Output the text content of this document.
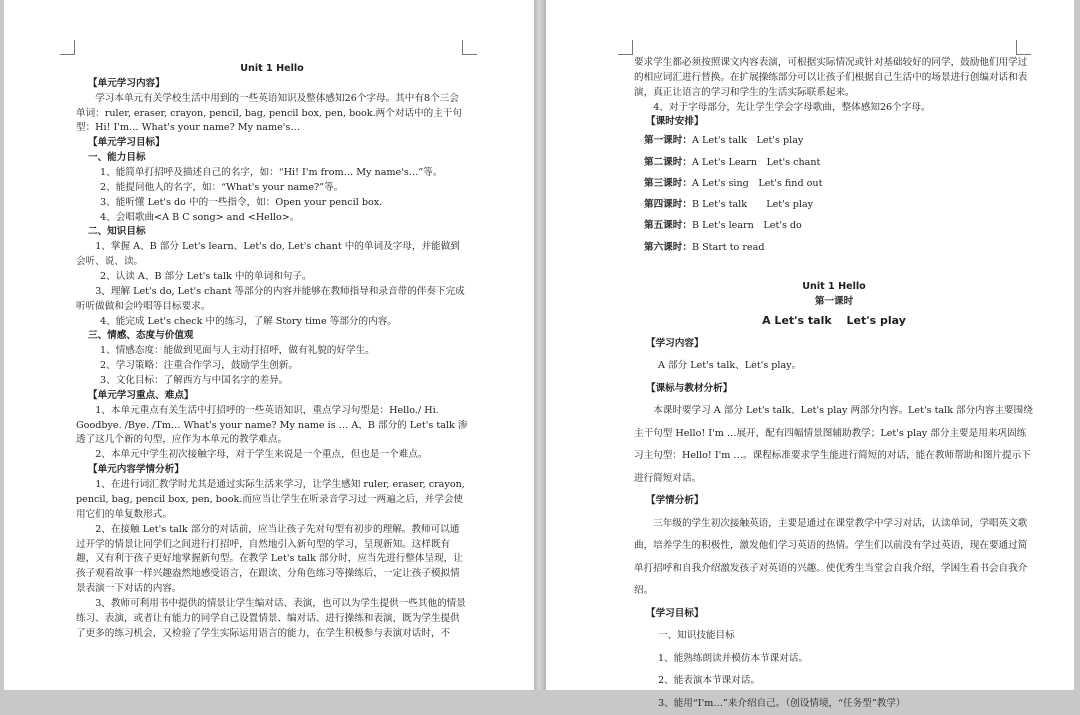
Unit 1 Hello

【单元学习内容】

学习本单元有关学校生活中用到的一些英语知识及整体感知26个字母。其中有8个三会单词：ruler, eraser, crayon, pencil, bag, pencil box, pen, book.两个对话中的主干句型：Hi! I'm… What's your name? My name's…

【单元学习目标】

一、能力目标

1、能简单打招呼及描述自己的名字，如：“Hi! I'm from… My name's…”等。

2、能提问他人的名字，如：“What's your name?”等。

3、能听懂 Let's do 中的一些指令，如：Open your pencil box.

4、会唱歌曲<A B C song> and <Hello>。

二、知识目标

1、掌握 A、B 部分 Let's learn、Let's do, Let's chant 中的单词及字母，并能做到会听、说、读。

2、认读 A、B 部分 Let's talk 中的单词和句子。

3、理解 Let's do, Let's chant 等部分的内容并能够在教师指导和录音带的伴奏下完成听听做做和会吟唱等目标要求。

4、能完成 Let's check 中的练习，了解 Story time 等部分的内容。

三、情感、态度与价值观

1、情感态度：能做到见面与人主动打招呼，做有礼貌的好学生。

2、学习策略：注重合作学习，鼓励学生创新。

3、文化目标：了解西方与中国名字的差异。

【单元学习重点、难点】

1、本单元重点有关生活中打招呼的一些英语知识，重点学习句型是：Hello./ Hi. Goodbye. /Bye. /Tm… What's your name? My name is … A、B 部分的 Let's talk 渗透了这几个新的句型，应作为本单元的教学难点。

2、本单元中学生初次接触字母，对于学生来说是一个重点，但也是一个难点。

【单元内容学情分析】

1、在进行词汇教学时尤其是通过实际生活来学习，让学生感知 ruler, eraser, crayon, pencil, bag, pencil box, pen, book.而应当让学生在听录音学习过一两遍之后，并学会使用它们的单复数形式。

2、在接触 Let's talk 部分的对话前，应当让孩子先对句型有初步的理解。教师可以通过开学的情景让同学们之间进行打招呼，自然地引入新句型的学习，呈现新知。这样既有趣，又有利于孩子更好地掌握新句型。在教学 Let's talk 部分时，应当先进行整体呈现，让孩子观看故事一样兴趣盎然地感受语言，在跟读、分角色练习等操练后，一定让孩子模拟情景表演一下对话的内容。

3、教师可利用书中提供的情景让学生编对话、表演，也可以为学生提供一些其他的情景练习、表演，或者让有能力的同学自己设置情景、编对话、进行操练和表演，既为学生提供了更多的练习机会，又检验了学生实际运用语言的能力，在学生积极参与表演对话时，不

要求学生都必须按照课文内容表演，可根据实际情况或针对基础较好的同学，鼓励他们用学过的相应词汇进行替换。在扩展操练部分可以让孩子们根据自己生活中的场景进行创编对话和表演，真正让语言的学习和学生的生活实际联系起来。

4、对于字母部分，先让学生学会字母歌曲，整体感知26个字母。

【课时安排】

第一课时：A Let's talk　Let's play

第二课时：A Let's Learn　Let's chant

第三课时：A Let's sing　Let's find out

第四课时：B Let's talk　　Let's play

第五课时：B Let's learn　Let's do

第六课时：B Start to read

Unit 1 Hello

第一课时

A Let's talk　 Let's play

【学习内容】

A 部分 Let's talk、Let's play。

【课标与教材分析】

本课时要学习 A 部分 Let's talk、Let's play 两部分内容。Let's talk 部分内容主要围绕主干句型 Hello! I'm …展开，配有四幅情景图辅助教学；Let's play 部分主要是用来巩固练习主句型：Hello! I'm …。课程标准要求学生能进行简短的对话，能在教师帮助和图片提示下进行简短对话。

【学情分析】

三年级的学生初次接触英语，主要是通过在课堂教学中学习对话，认读单词，学唱英文歌曲，培养学生的积极性，激发他们学习英语的热情。学生们以前没有学过英语，现在要通过简单打招呼和自我介绍激发孩子对英语的兴趣。使优秀生当堂会自我介绍，学困生看书会自我介绍。

【学习目标】

一、知识技能目标

1、能熟练朗读并模仿本节课对话。

2、能表演本节课对话。

3、能用“I'm…”来介绍自己。（创设情境，“任务型”教学）
